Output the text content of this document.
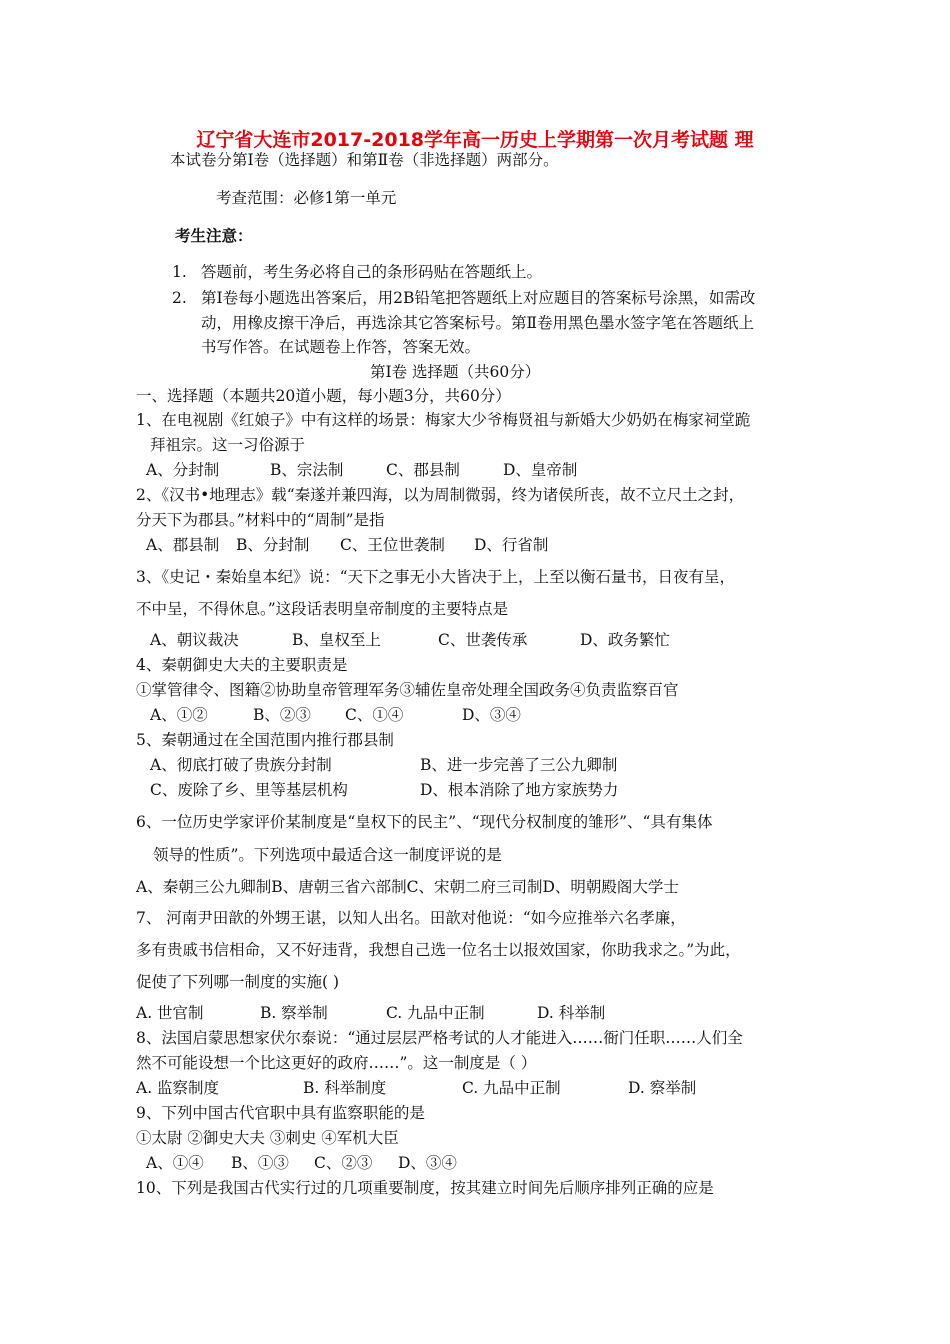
辽宁省大连市2017-2018学年高一历史上学期第一次月考试题 理
本试卷分第Ⅰ卷（选择题）和第Ⅱ卷（非选择题）两部分。
考查范围：必修1第一单元
考生注意：
1. 答题前，考生务必将自己的条形码贴在答题纸上。
2. 第Ⅰ卷每小题选出答案后，用2B铅笔把答题纸上对应题目的答案标号涂黑，如需改
动，用橡皮擦干净后，再选涂其它答案标号。第Ⅱ卷用黑色墨水签字笔在答题纸上
书写作答。在试题卷上作答，答案无效。
第Ⅰ卷 选择题（共60分）
一、选择题（本题共20道小题，每小题3分，共60分）
1、在电视剧《红娘子》中有这样的场景：梅家大少爷梅贤祖与新婚大少奶奶在梅家祠堂跪
拜祖宗。这一习俗源于
A、分封制	B、宗法制	C、郡县制	D、皇帝制
2、《汉书•地理志》载“秦遂并兼四海，以为周制微弱，终为诸侯所丧，故不立尺土之封，
分天下为郡县。”材料中的“周制”是指
A、郡县制 B、分封制 C、王位世袭制 D、行省制
3、《史记・秦始皇本纪》说：“天下之事无小大皆决于上，上至以衡石量书，日夜有呈，
不中呈，不得休息。”这段话表明皇帝制度的主要特点是
A、朝议裁决	B、皇权至上	C、世袭传承	D、政务繁忙
4、秦朝御史大夫的主要职责是
①掌管律令、图籍②协助皇帝管理军务③辅佐皇帝处理全国政务④负责监察百官
A、①②	B、②③ C、①④	D、③④
5、秦朝通过在全国范围内推行郡县制
A、彻底打破了贵族分封制	B、进一步完善了三公九卿制
C、废除了乡、里等基层机构	D、根本消除了地方家族势力
6、一位历史学家评价某制度是“皇权下的民主”、“现代分权制度的雏形”、“具有集体
领导的性质”。下列选项中最适合这一制度评说的是
A、秦朝三公九卿制B、唐朝三省六部制C、宋朝二府三司制D、明朝殿阁大学士
7、 河南尹田歆的外甥王谌，以知人出名。田歆对他说：“如今应推举六名孝廉，
多有贵戚书信相命，又不好违背，我想自己选一位名士以报效国家，你助我求之。”为此，
促使了下列哪一制度的实施( )
A. 世官制	B. 察举制	C. 九品中正制	D. 科举制
8、法国启蒙思想家伏尔泰说：“通过层层严格考试的人才能进入……衙门任职……人们全
然不可能设想一个比这更好的政府……”。这一制度是（ ）
A. 监察制度	B. 科举制度	C. 九品中正制	D. 察举制
9、下列中国古代官职中具有监察职能的是
①太尉 ②御史大夫 ③刺史 ④军机大臣
A、①④ B、①③ C、②③ D、③④
10、下列是我国古代实行过的几项重要制度，按其建立时间先后顺序排列正确的应是
